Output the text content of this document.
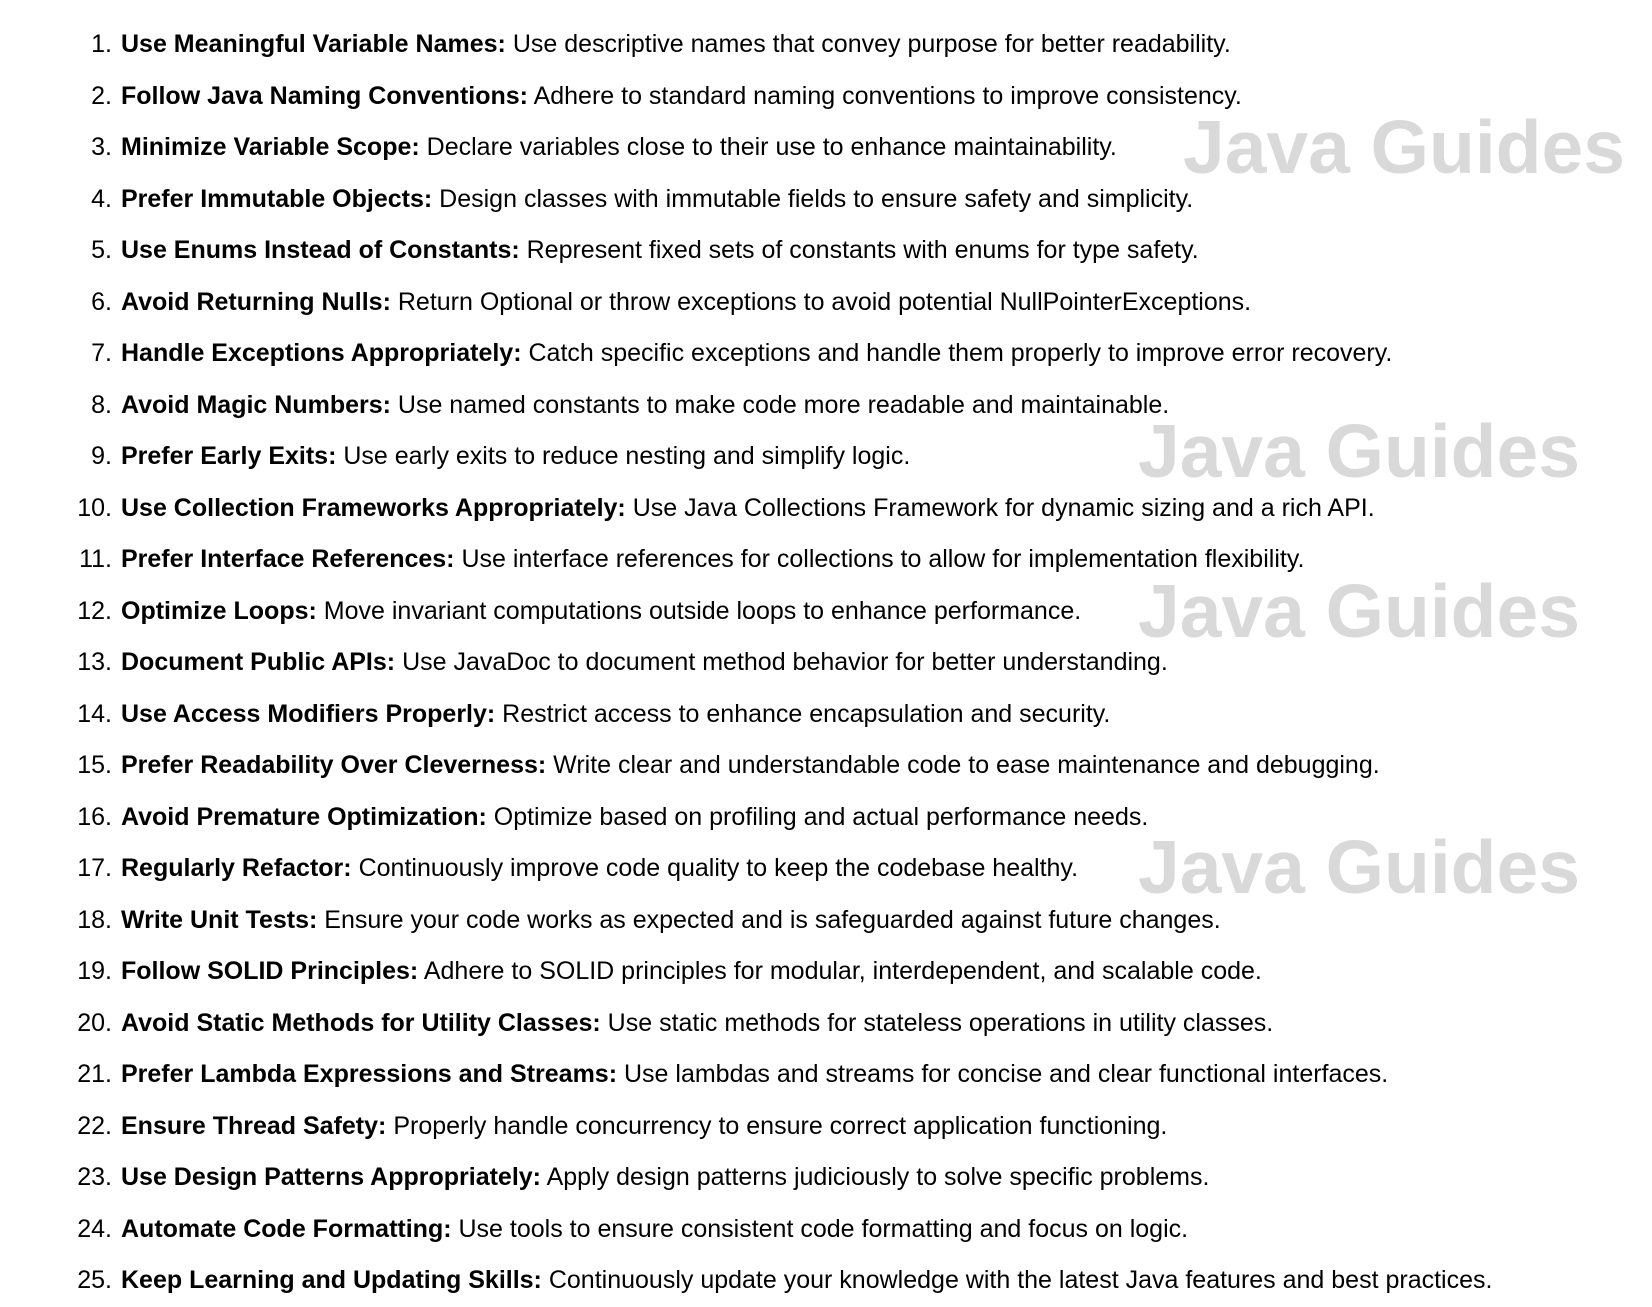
1. Use Meaningful Variable Names: Use descriptive names that convey purpose for better readability.
2. Follow Java Naming Conventions: Adhere to standard naming conventions to improve consistency.
3. Minimize Variable Scope: Declare variables close to their use to enhance maintainability.
4. Prefer Immutable Objects: Design classes with immutable fields to ensure safety and simplicity.
5. Use Enums Instead of Constants: Represent fixed sets of constants with enums for type safety.
6. Avoid Returning Nulls: Return Optional or throw exceptions to avoid potential NullPointerExceptions.
7. Handle Exceptions Appropriately: Catch specific exceptions and handle them properly to improve error recovery.
8. Avoid Magic Numbers: Use named constants to make code more readable and maintainable.
9. Prefer Early Exits: Use early exits to reduce nesting and simplify logic.
10. Use Collection Frameworks Appropriately: Use Java Collections Framework for dynamic sizing and a rich API.
11. Prefer Interface References: Use interface references for collections to allow for implementation flexibility.
12. Optimize Loops: Move invariant computations outside loops to enhance performance.
13. Document Public APIs: Use JavaDoc to document method behavior for better understanding.
14. Use Access Modifiers Properly: Restrict access to enhance encapsulation and security.
15. Prefer Readability Over Cleverness: Write clear and understandable code to ease maintenance and debugging.
16. Avoid Premature Optimization: Optimize based on profiling and actual performance needs.
17. Regularly Refactor: Continuously improve code quality to keep the codebase healthy.
18. Write Unit Tests: Ensure your code works as expected and is safeguarded against future changes.
19. Follow SOLID Principles: Adhere to SOLID principles for modular, interdependent, and scalable code.
20. Avoid Static Methods for Utility Classes: Use static methods for stateless operations in utility classes.
21. Prefer Lambda Expressions and Streams: Use lambdas and streams for concise and clear functional interfaces.
22. Ensure Thread Safety: Properly handle concurrency to ensure correct application functioning.
23. Use Design Patterns Appropriately: Apply design patterns judiciously to solve specific problems.
24. Automate Code Formatting: Use tools to ensure consistent code formatting and focus on logic.
25. Keep Learning and Updating Skills: Continuously update your knowledge with the latest Java features and best practices.
Java Guides
Java Guides
Java Guides
Java Guides
